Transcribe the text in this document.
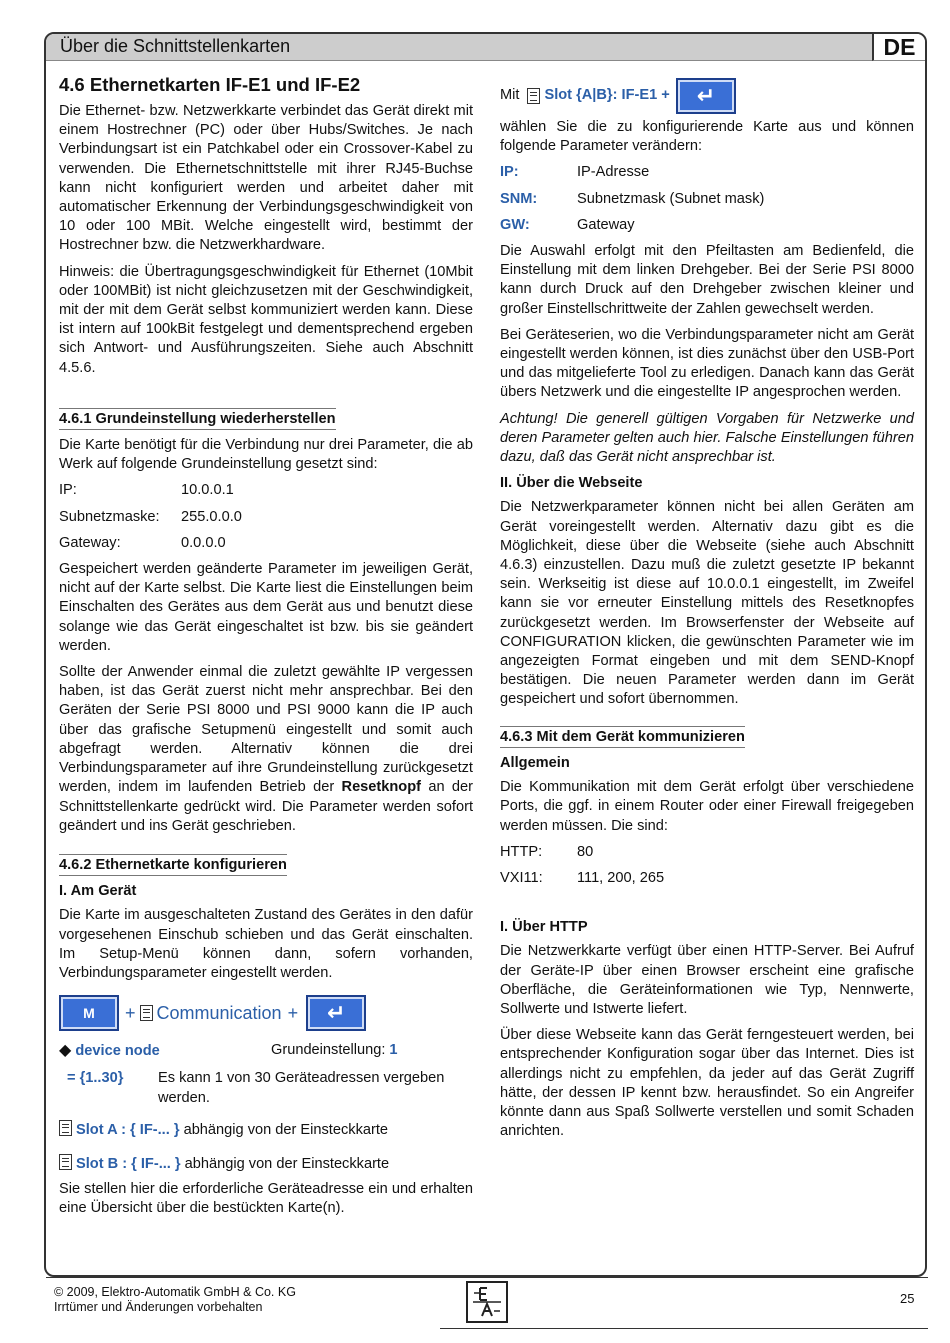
Über die Schnittstellenkarten	DE
4.6 Ethernetkarten IF-E1 und IF-E2

Die Ethernet- bzw. Netzwerkkarte verbindet das Gerät direkt mit einem Hostrechner (PC) oder über Hubs/Switches. Je nach Verbindungsart ist ein Patchkabel oder ein Crossover-Kabel zu verwenden. Die Ethernetschnittstelle mit ihrer RJ45-Buchse kann nicht konfiguriert werden und arbeitet daher mit automatischer Erkennung der Verbindungsgeschwindigkeit von 10 oder 100 MBit. Welche eingestellt wird, bestimmt der Hostrechner bzw. die Netzwerkhardware.

Hinweis: die Übertragungsgeschwindigkeit für Ethernet (10Mbit oder 100MBit) ist nicht gleichzusetzen mit der Geschwindigkeit, mit der mit dem Gerät selbst kommuniziert werden kann. Diese ist intern auf 100kBit festgelegt und dementsprechend ergeben sich Antwort- und Ausführungszeiten. Siehe auch Abschnitt 4.5.6.

4.6.1 Grundeinstellung wiederherstellen

Die Karte benötigt für die Verbindung nur drei Parameter, die ab Werk auf folgende Grundeinstellung gesetzt sind:

IP:	10.0.0.1
Subnetzmaske:	255.0.0.0
Gateway:	0.0.0.0

Gespeichert werden geänderte Parameter im jeweiligen Gerät, nicht auf der Karte selbst. Die Karte liest die Einstellungen beim Einschalten des Gerätes aus dem Gerät aus und benutzt diese solange wie das Gerät eingeschaltet ist bzw. bis sie geändert werden.

Sollte der Anwender einmal die zuletzt gewählte IP vergessen haben, ist das Gerät zuerst nicht mehr ansprechbar. Bei den Geräten der Serie PSI 8000 und PSI 9000 kann die IP auch über das grafische Setupmenü eingestellt und somit auch abgefragt werden. Alternativ können die drei Verbindungsparameter auf ihre Grundeinstellung zurückgesetzt werden, indem im laufenden Betrieb der Resetknopf an der Schnittstellenkarte gedrückt wird. Die Parameter werden sofort geändert und ins Gerät geschrieben.

4.6.2 Ethernetkarte konfigurieren
I. Am Gerät

Die Karte im ausgeschalteten Zustand des Gerätes in den dafür vorgesehenen Einschub schieben und das Gerät einschalten. Im Setup-Menü können dann, sofern vorhanden, Verbindungsparameter eingestellt werden.

M	+ Communication +	↵
◆ device node	Grundeinstellung: 1
= {1..30}	Es kann 1 von 30 Geräteadressen vergeben werden.
Slot A : { IF-... } abhängig von der Einsteckkarte
Slot B : { IF-... } abhängig von der Einsteckkarte

Sie stellen hier die erforderliche Geräteadresse ein und erhalten eine Übersicht über die bestückten Karte(n).

Mit Slot {A|B}: IF-E1 +	↵

wählen Sie die zu konfigurierende Karte aus und können folgende Parameter verändern:

IP:	IP-Adresse
SNM:	Subnetzmask (Subnet mask)
GW:	Gateway

Die Auswahl erfolgt mit den Pfeiltasten am Bedienfeld, die Einstellung mit dem linken Drehgeber. Bei der Serie PSI 8000 kann durch Druck auf den Drehgeber zwischen kleiner und großer Einstellschrittweite der Zahlen gewechselt werden.

Bei Geräteserien, wo die Verbindungsparameter nicht am Gerät eingestellt werden können, ist dies zunächst über den USB-Port und das mitgelieferte Tool zu erledigen. Danach kann das Gerät übers Netzwerk und die eingestellte IP angesprochen werden.

Achtung! Die generell gültigen Vorgaben für Netzwerke und deren Parameter gelten auch hier. Falsche Einstellungen führen dazu, daß das Gerät nicht ansprechbar ist.

II. Über die Webseite

Die Netzwerkparameter können nicht bei allen Geräten am Gerät voreingestellt werden. Alternativ dazu gibt es die Möglichkeit, diese über die Webseite (siehe auch Abschnitt 4.6.3) einzustellen. Dazu muß die zuletzt gesetzte IP bekannt sein. Werkseitig ist diese auf 10.0.0.1 eingestellt, im Zweifel kann sie vor erneuter Einstellung mittels des Resetknopfes zurückgesetzt werden. Im Browserfenster der Webseite auf CONFIGURATION klicken, die gewünschten Parameter wie im angezeigten Format eingeben und mit dem SEND-Knopf bestätigen. Die neuen Parameter werden dann im Gerät gespeichert und sofort übernommen.

4.6.3 Mit dem Gerät kommunizieren
Allgemein

Die Kommunikation mit dem Gerät erfolgt über verschiedene Ports, die ggf. in einem Router oder einer Firewall freigegeben werden müssen. Die sind:

HTTP:	80
VXI11:	111, 200, 265
I. Über HTTP

Die Netzwerkkarte verfügt über einen HTTP-Server. Bei Aufruf der Geräte-IP über einen Browser erscheint eine grafische Oberfläche, die Geräteinformationen wie Typ, Nennwerte, Sollwerte und Istwerte liefert.

Über diese Webseite kann das Gerät ferngesteuert werden, bei entsprechender Konfiguration sogar über das Internet. Dies ist allerdings nicht zu empfehlen, da jeder auf das Gerät Zugriff hätte, der dessen IP kennt bzw. herausfindet. So ein Angreifer könnte dann aus Spaß Sollwerte verstellen und somit Schaden anrichten.

© 2009, Elektro-Automatik GmbH & Co. KG
Irrtümer und Änderungen vorbehalten
25
